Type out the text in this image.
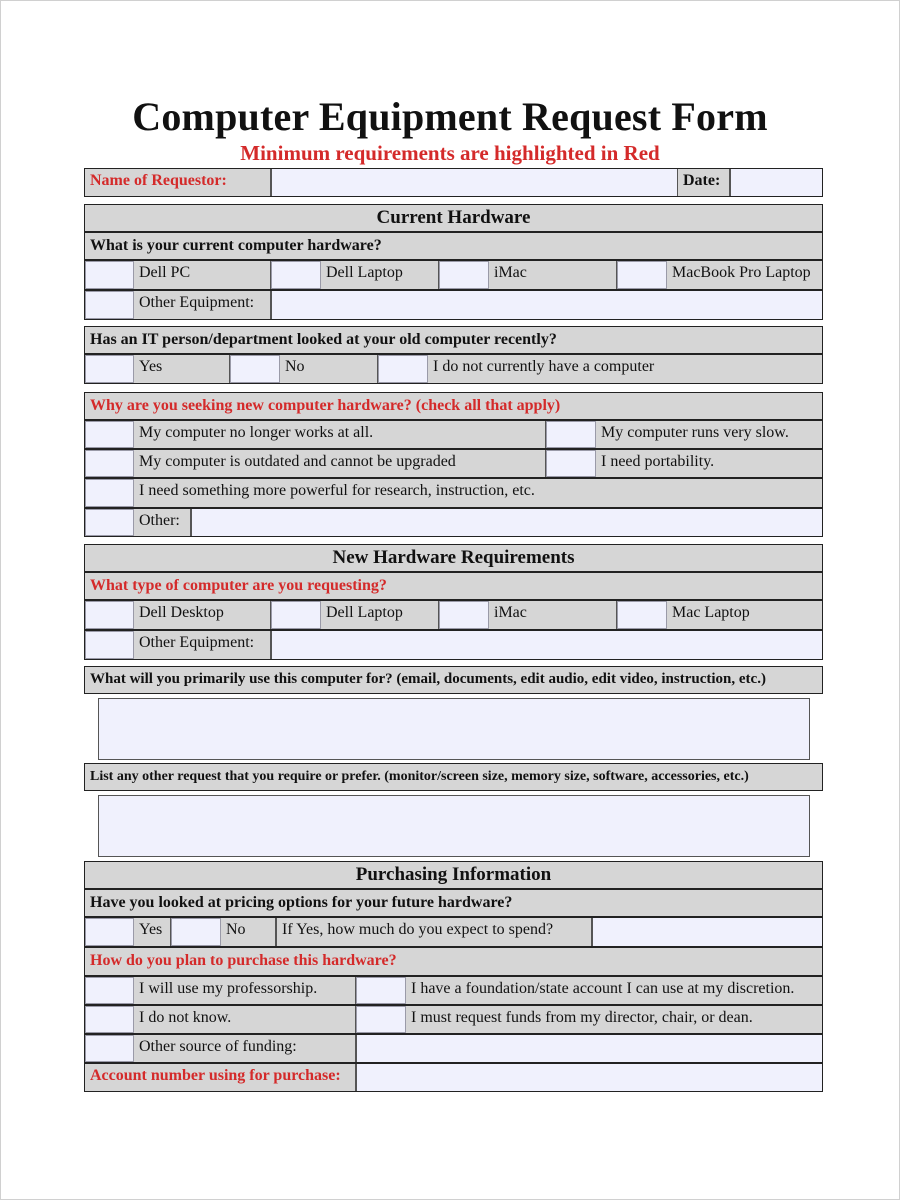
Computer Equipment Request Form
Minimum requirements are highlighted in Red
Name of Requestor:	Date:
Current Hardware
What is your current computer hardware?
Dell PC	Dell Laptop	iMac	MacBook Pro Laptop
Other Equipment:
Has an IT person/department looked at your old computer recently?
Yes	No	I do not currently have a computer
Why are you seeking new computer hardware? (check all that apply)
My computer no longer works at all.	My computer runs very slow.
My computer is outdated and cannot be upgraded	I need portability.
I need something more powerful for research, instruction, etc.
Other:
New Hardware Requirements
What type of computer are you requesting?
Dell Desktop	Dell Laptop	iMac	Mac Laptop
Other Equipment:
What will you primarily use this computer for? (email, documents, edit audio, edit video, instruction, etc.)
List any other request that you require or prefer. (monitor/screen size, memory size, software, accessories, etc.)
Purchasing Information
Have you looked at pricing options for your future hardware?
Yes	No	If Yes, how much do you expect to spend?
How do you plan to purchase this hardware?
I will use my professorship.	I have a foundation/state account I can use at my discretion.
I do not know.	I must request funds from my director, chair, or dean.
Other source of funding:
Account number using for purchase:
